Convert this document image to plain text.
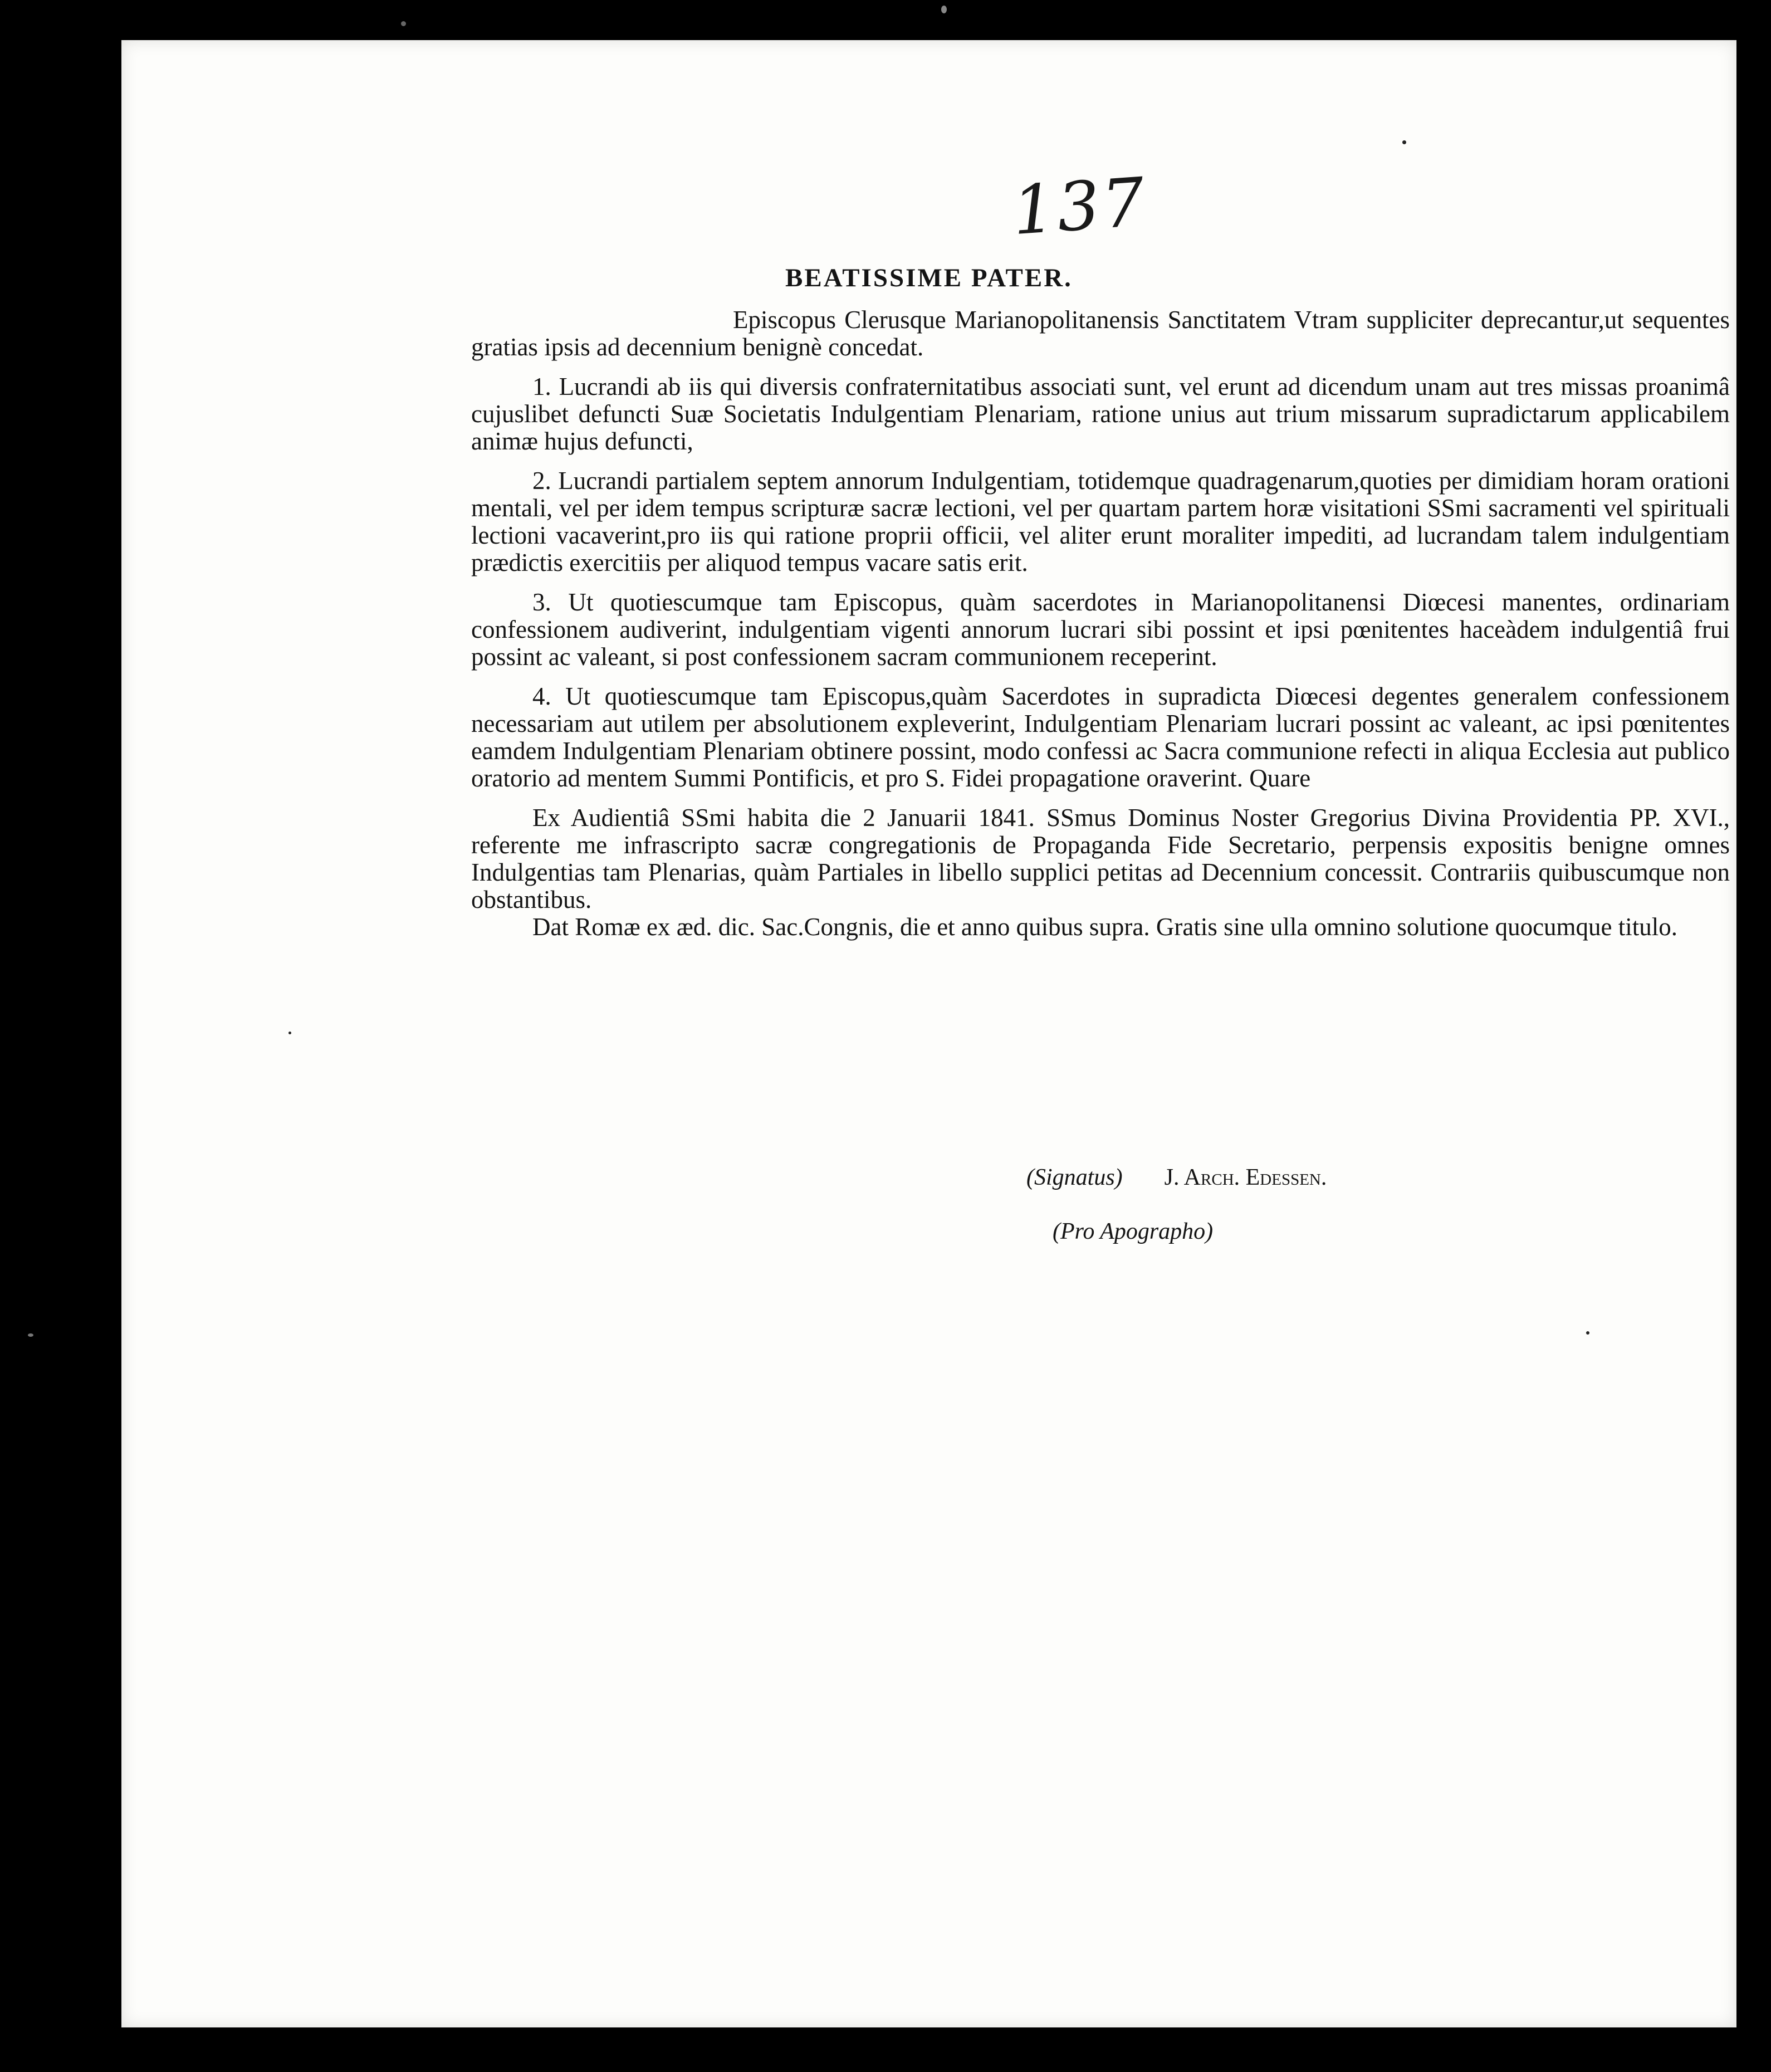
137
BEATISSIME PATER.

Episcopus Clerusque Marianopolitanensis Sanctitatem Vtram suppliciter deprecantur,ut sequentes gratias ipsis ad decennium benignè concedat.

1. Lucrandi ab iis qui diversis confraternitatibus associati sunt, vel erunt ad dicendum unam aut tres missas proanimâ cujuslibet defuncti Suæ Societatis Indulgentiam Plenariam, ratione unius aut trium missarum supradictarum applicabilem animæ hujus defuncti,

2. Lucrandi partialem septem annorum Indulgentiam, totidemque quadragenarum,quoties per dimidiam horam orationi mentali, vel per idem tempus scripturæ sacræ lectioni, vel per quartam partem horæ visitationi SSmi sacramenti vel spirituali lectioni vacaverint,pro iis qui ratione proprii officii, vel aliter erunt moraliter impediti, ad lucrandam talem indulgentiam prædictis exercitiis per aliquod tempus vacare satis erit.

3. Ut quotiescumque tam Episcopus, quàm sacerdotes in Marianopolitanensi Diœcesi manentes, ordinariam confessionem audiverint, indulgentiam vigenti annorum lucrari sibi possint et ipsi pœnitentes haceàdem indulgentiâ frui possint ac valeant, si post confessionem sacram communionem receperint.

4. Ut quotiescumque tam Episcopus,quàm Sacerdotes in supradicta Diœcesi degentes generalem confessionem necessariam aut utilem per absolutionem expleverint, Indulgentiam Plenariam lucrari possint ac valeant, ac ipsi pœnitentes eamdem Indulgentiam Plenariam obtinere possint, modo confessi ac Sacra communione refecti in aliqua Ecclesia aut publico oratorio ad mentem Summi Pontificis, et pro S. Fidei propagatione oraverint. Quare

Ex Audientiâ SSmi habita die 2 Januarii 1841. SSmus Dominus Noster Gregorius Divina Providentia PP. XVI., referente me infrascripto sacræ congregationis de Propaganda Fide Secretario, perpensis expositis benigne omnes Indulgentias tam Plenarias, quàm Partiales in libello supplici petitas ad Decennium concessit. Contrariis quibuscumque non obstantibus.

Dat Romæ ex æd. dic. Sac.Congnis, die et anno quibus supra. Gratis sine ulla omnino solutione quocumque titulo.

(Signatus) J. Arch. Edessen.
(Pro Apographo)
